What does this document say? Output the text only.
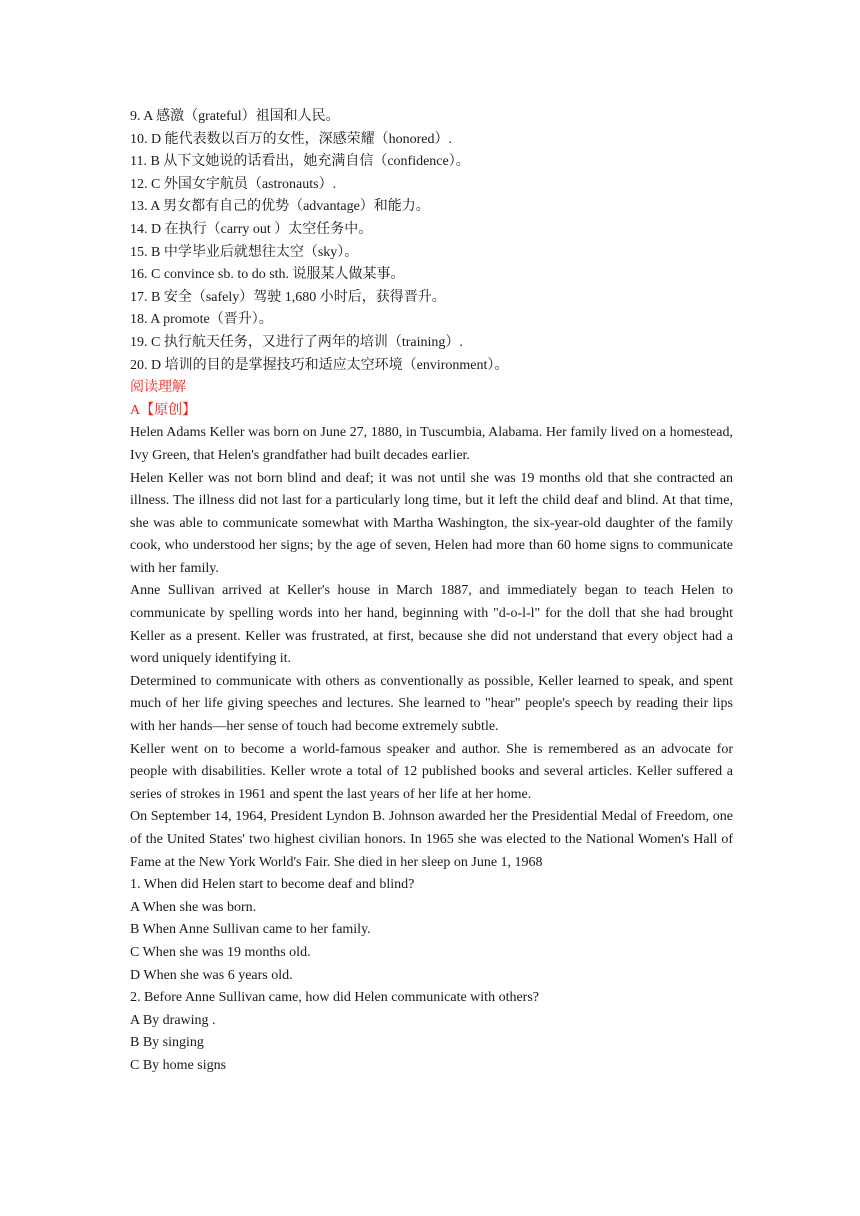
9. A 感激（grateful）祖国和人民。
10. D 能代表数以百万的女性，深感荣耀（honored）.
11. B 从下文她说的话看出，她充满自信（confidence）。
12. C 外国女宇航员（astronauts）.
13. A 男女都有自己的优势（advantage）和能力。
14. D 在执行（carry out ）太空任务中。
15. B 中学毕业后就想往太空（sky）。
16. C convince sb. to do sth. 说服某人做某事。
17. B 安全（safely）驾驶 1,680 小时后，获得晋升。
18. A promote（晋升）。
19. C 执行航天任务，又进行了两年的培训（training）.
20. D 培训的目的是掌握技巧和适应太空环境（environment）。
阅读理解
A【原创】
Helen Adams Keller was born on June 27, 1880, in Tuscumbia, Alabama. Her family lived on a homestead, Ivy Green, that Helen's grandfather had built decades earlier.
Helen Keller was not born blind and deaf; it was not until she was 19 months old that she contracted an illness. The illness did not last for a particularly long time, but it left the child deaf and blind. At that time, she was able to communicate somewhat with Martha Washington, the six-year-old daughter of the family cook, who understood her signs; by the age of seven, Helen had more than 60 home signs to communicate with her family.
Anne Sullivan arrived at Keller's house in March 1887, and immediately began to teach Helen to communicate by spelling words into her hand, beginning with "d-o-l-l" for the doll that she had brought Keller as a present. Keller was frustrated, at first, because she did not understand that every object had a word uniquely identifying it.
Determined to communicate with others as conventionally as possible, Keller learned to speak, and spent much of her life giving speeches and lectures. She learned to "hear" people's speech by reading their lips with her hands—her sense of touch had become extremely subtle.
Keller went on to become a world-famous speaker and author. She is remembered as an advocate for people with disabilities. Keller wrote a total of 12 published books and several articles. Keller suffered a series of strokes in 1961 and spent the last years of her life at her home.
On September 14, 1964, President Lyndon B. Johnson awarded her the Presidential Medal of Freedom, one of the United States' two highest civilian honors. In 1965 she was elected to the National Women's Hall of Fame at the New York World's Fair. She died in her sleep on June 1, 1968
1. When did Helen start to become deaf and blind?
A When she was born.
B When Anne Sullivan came to her family.
C When she was 19 months old.
D When she was 6 years old.
2. Before Anne Sullivan came, how did Helen communicate with others?
A By drawing .
B By singing
C By home signs
